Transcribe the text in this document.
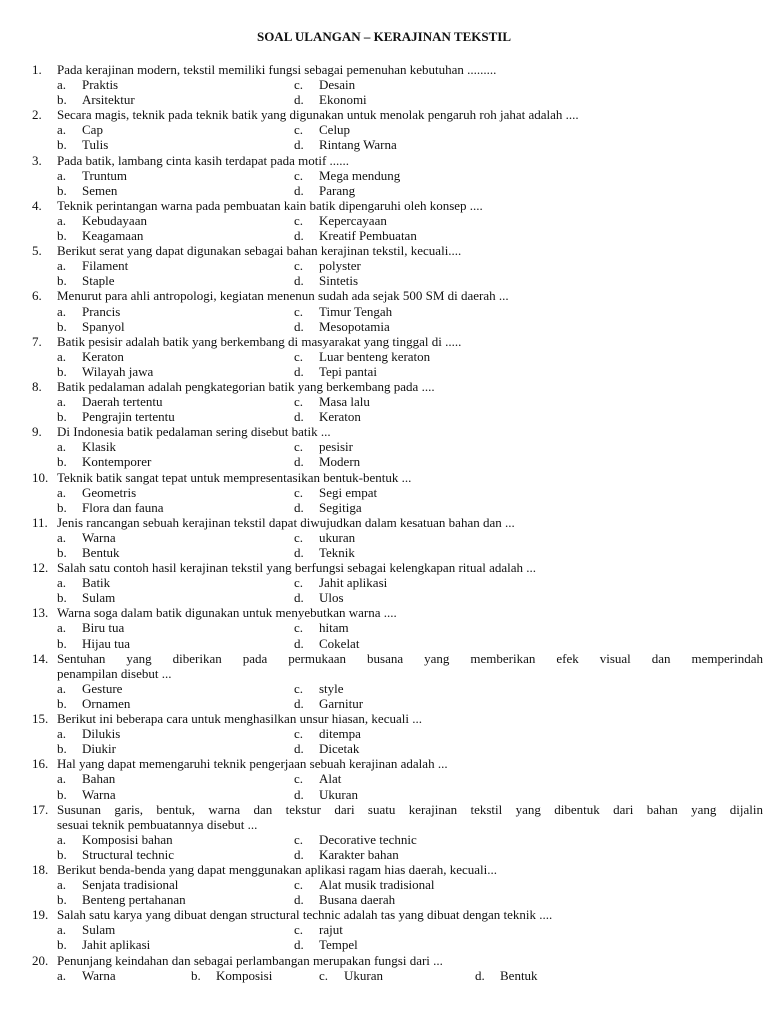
SOAL ULANGAN – KERAJINAN TEKSTIL
1.	Pada kerajinan modern, tekstil memiliki fungsi sebagai pemenuhan kebutuhan .........
a.	Praktis	c.	Desain
b.	Arsitektur	d.	Ekonomi
2.	Secara magis, teknik pada teknik batik yang digunakan untuk menolak pengaruh roh jahat adalah ....
a.	Cap	c.	Celup
b.	Tulis	d.	Rintang Warna
3.	Pada batik, lambang cinta kasih terdapat pada motif ......
a.	Truntum	c.	Mega mendung
b.	Semen	d.	Parang
4.	Teknik perintangan warna pada pembuatan kain batik dipengaruhi oleh konsep ....
a.	Kebudayaan	c.	Kepercayaan
b.	Keagamaan	d.	Kreatif Pembuatan
5.	Berikut serat yang dapat digunakan sebagai bahan kerajinan tekstil, kecuali....
a.	Filament	c.	polyster
b.	Staple	d.	Sintetis
6.	Menurut para ahli antropologi, kegiatan menenun sudah ada sejak 500 SM di daerah ...
a.	Prancis	c.	Timur Tengah
b.	Spanyol	d.	Mesopotamia
7.	Batik pesisir adalah batik yang berkembang di masyarakat yang tinggal di .....
a.	Keraton	c.	Luar benteng keraton
b.	Wilayah jawa	d.	Tepi pantai
8.	Batik pedalaman adalah pengkategorian batik yang berkembang pada ....
a.	Daerah tertentu	c.	Masa lalu
b.	Pengrajin tertentu	d.	Keraton
9.	Di Indonesia batik pedalaman sering disebut batik ...
a.	Klasik	c.	pesisir
b.	Kontemporer	d.	Modern
10. Teknik batik sangat tepat untuk mempresentasikan bentuk-bentuk ...
a.	Geometris	c.	Segi empat
b.	Flora dan fauna	d.	Segitiga
11. Jenis rancangan sebuah kerajinan tekstil dapat diwujudkan dalam kesatuan bahan dan ...
a.	Warna	c.	ukuran
b.	Bentuk	d.	Teknik
12. Salah satu contoh hasil kerajinan tekstil yang berfungsi sebagai kelengkapan ritual adalah ...
a.	Batik	c.	Jahit aplikasi
b.	Sulam	d.	Ulos
13. Warna soga dalam batik digunakan untuk menyebutkan warna ....
a.	Biru tua	c.	hitam
b.	Hijau tua	d.	Cokelat
14. Sentuhan yang diberikan pada permukaan busana yang memberikan efek visual dan memperindah
penampilan disebut ...
a.	Gesture	c.	style
b.	Ornamen	d.	Garnitur
15. Berikut ini beberapa cara untuk menghasilkan unsur hiasan, kecuali ...
a.	Dilukis	c.	ditempa
b.	Diukir	d.	Dicetak
16. Hal yang dapat memengaruhi teknik pengerjaan sebuah kerajinan adalah ...
a.	Bahan	c.	Alat
b.	Warna	d.	Ukuran
17. Susunan garis, bentuk, warna dan tekstur dari suatu kerajinan tekstil yang dibentuk dari bahan yang dijalin
sesuai teknik pembuatannya disebut ...
a.	Komposisi bahan	c.	Decorative technic
b.	Structural technic	d.	Karakter bahan
18. Berikut benda-benda yang dapat menggunakan aplikasi ragam hias daerah, kecuali...
a.	Senjata tradisional	c.	Alat musik tradisional
b.	Benteng pertahanan	d.	Busana daerah
19. Salah satu karya yang dibuat dengan structural technic adalah tas yang dibuat dengan teknik ....
a.	Sulam	c.	rajut
b.	Jahit aplikasi	d.	Tempel
20. Penunjang keindahan dan sebagai perlambangan merupakan fungsi dari ...
a.	Warna	b.	Komposisi	c.	Ukuran	d.	Bentuk
